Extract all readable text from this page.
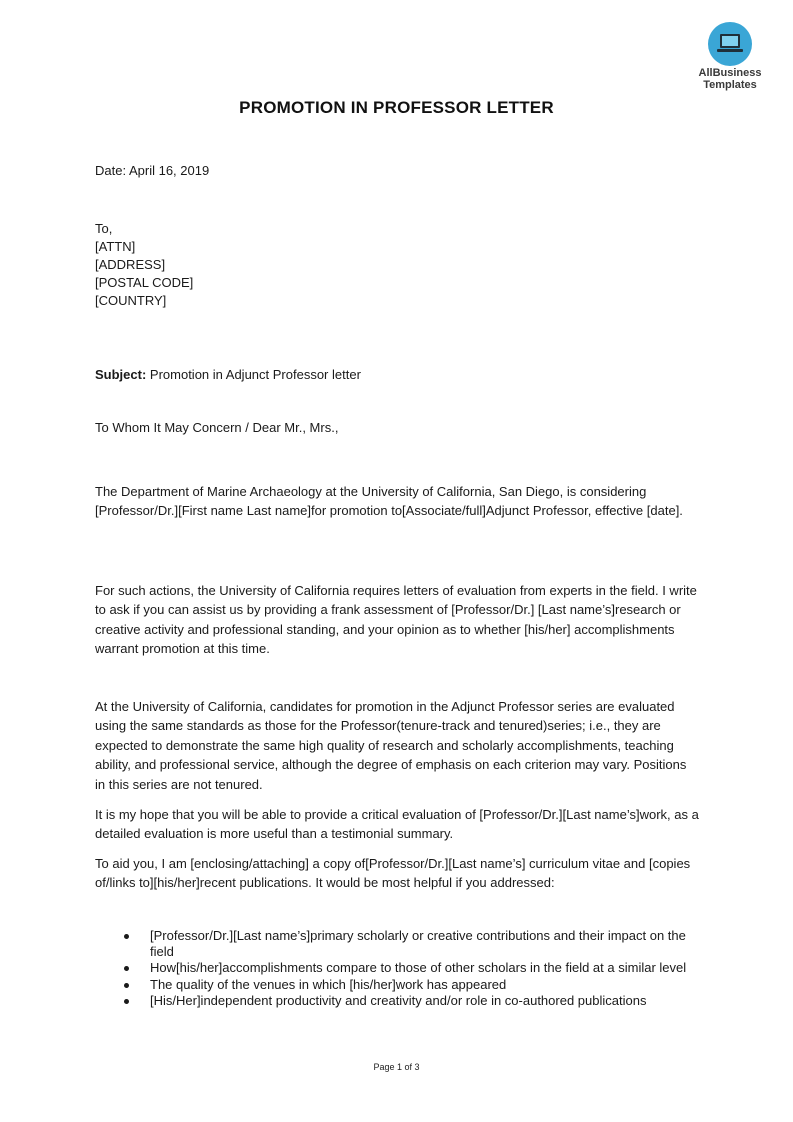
AllBusiness
Templates
PROMOTION IN PROFESSOR LETTER
Date: April 16, 2019
To,
[ATTN]
[ADDRESS]
[POSTAL CODE]
[COUNTRY]
Subject: Promotion in Adjunct Professor letter
To Whom It May Concern / Dear Mr., Mrs.,
The Department of Marine Archaeology at the University of California, San Diego, is considering [Professor/Dr.][First name Last name]for promotion to[Associate/full]Adjunct Professor, effective [date].
For such actions, the University of California requires letters of evaluation from experts in the field. I write to ask if you can assist us by providing a frank assessment of [Professor/Dr.] [Last name’s]research or creative activity and professional standing, and your opinion as to whether [his/her] accomplishments warrant promotion at this time.
At the University of California, candidates for promotion in the Adjunct Professor series are evaluated using the same standards as those for the Professor(tenure-track and tenured)series; i.e., they are expected to demonstrate the same high quality of research and scholarly accomplishments, teaching ability, and professional service, although the degree of emphasis on each criterion may vary. Positions in this series are not tenured.
It is my hope that you will be able to provide a critical evaluation of [Professor/Dr.][Last name’s]work, as a detailed evaluation is more useful than a testimonial summary.
To aid you, I am [enclosing/attaching] a copy of[Professor/Dr.][Last name’s] curriculum vitae and [copies of/links to][his/her]recent publications. It would be most helpful if you addressed:
[Professor/Dr.][Last name’s]primary scholarly or creative contributions and their impact on the field
How[his/her]accomplishments compare to those of other scholars in the field at a similar level
The quality of the venues in which [his/her]work has appeared
[His/Her]independent productivity and creativity and/or role in co-authored publications
Page 1 of 3
